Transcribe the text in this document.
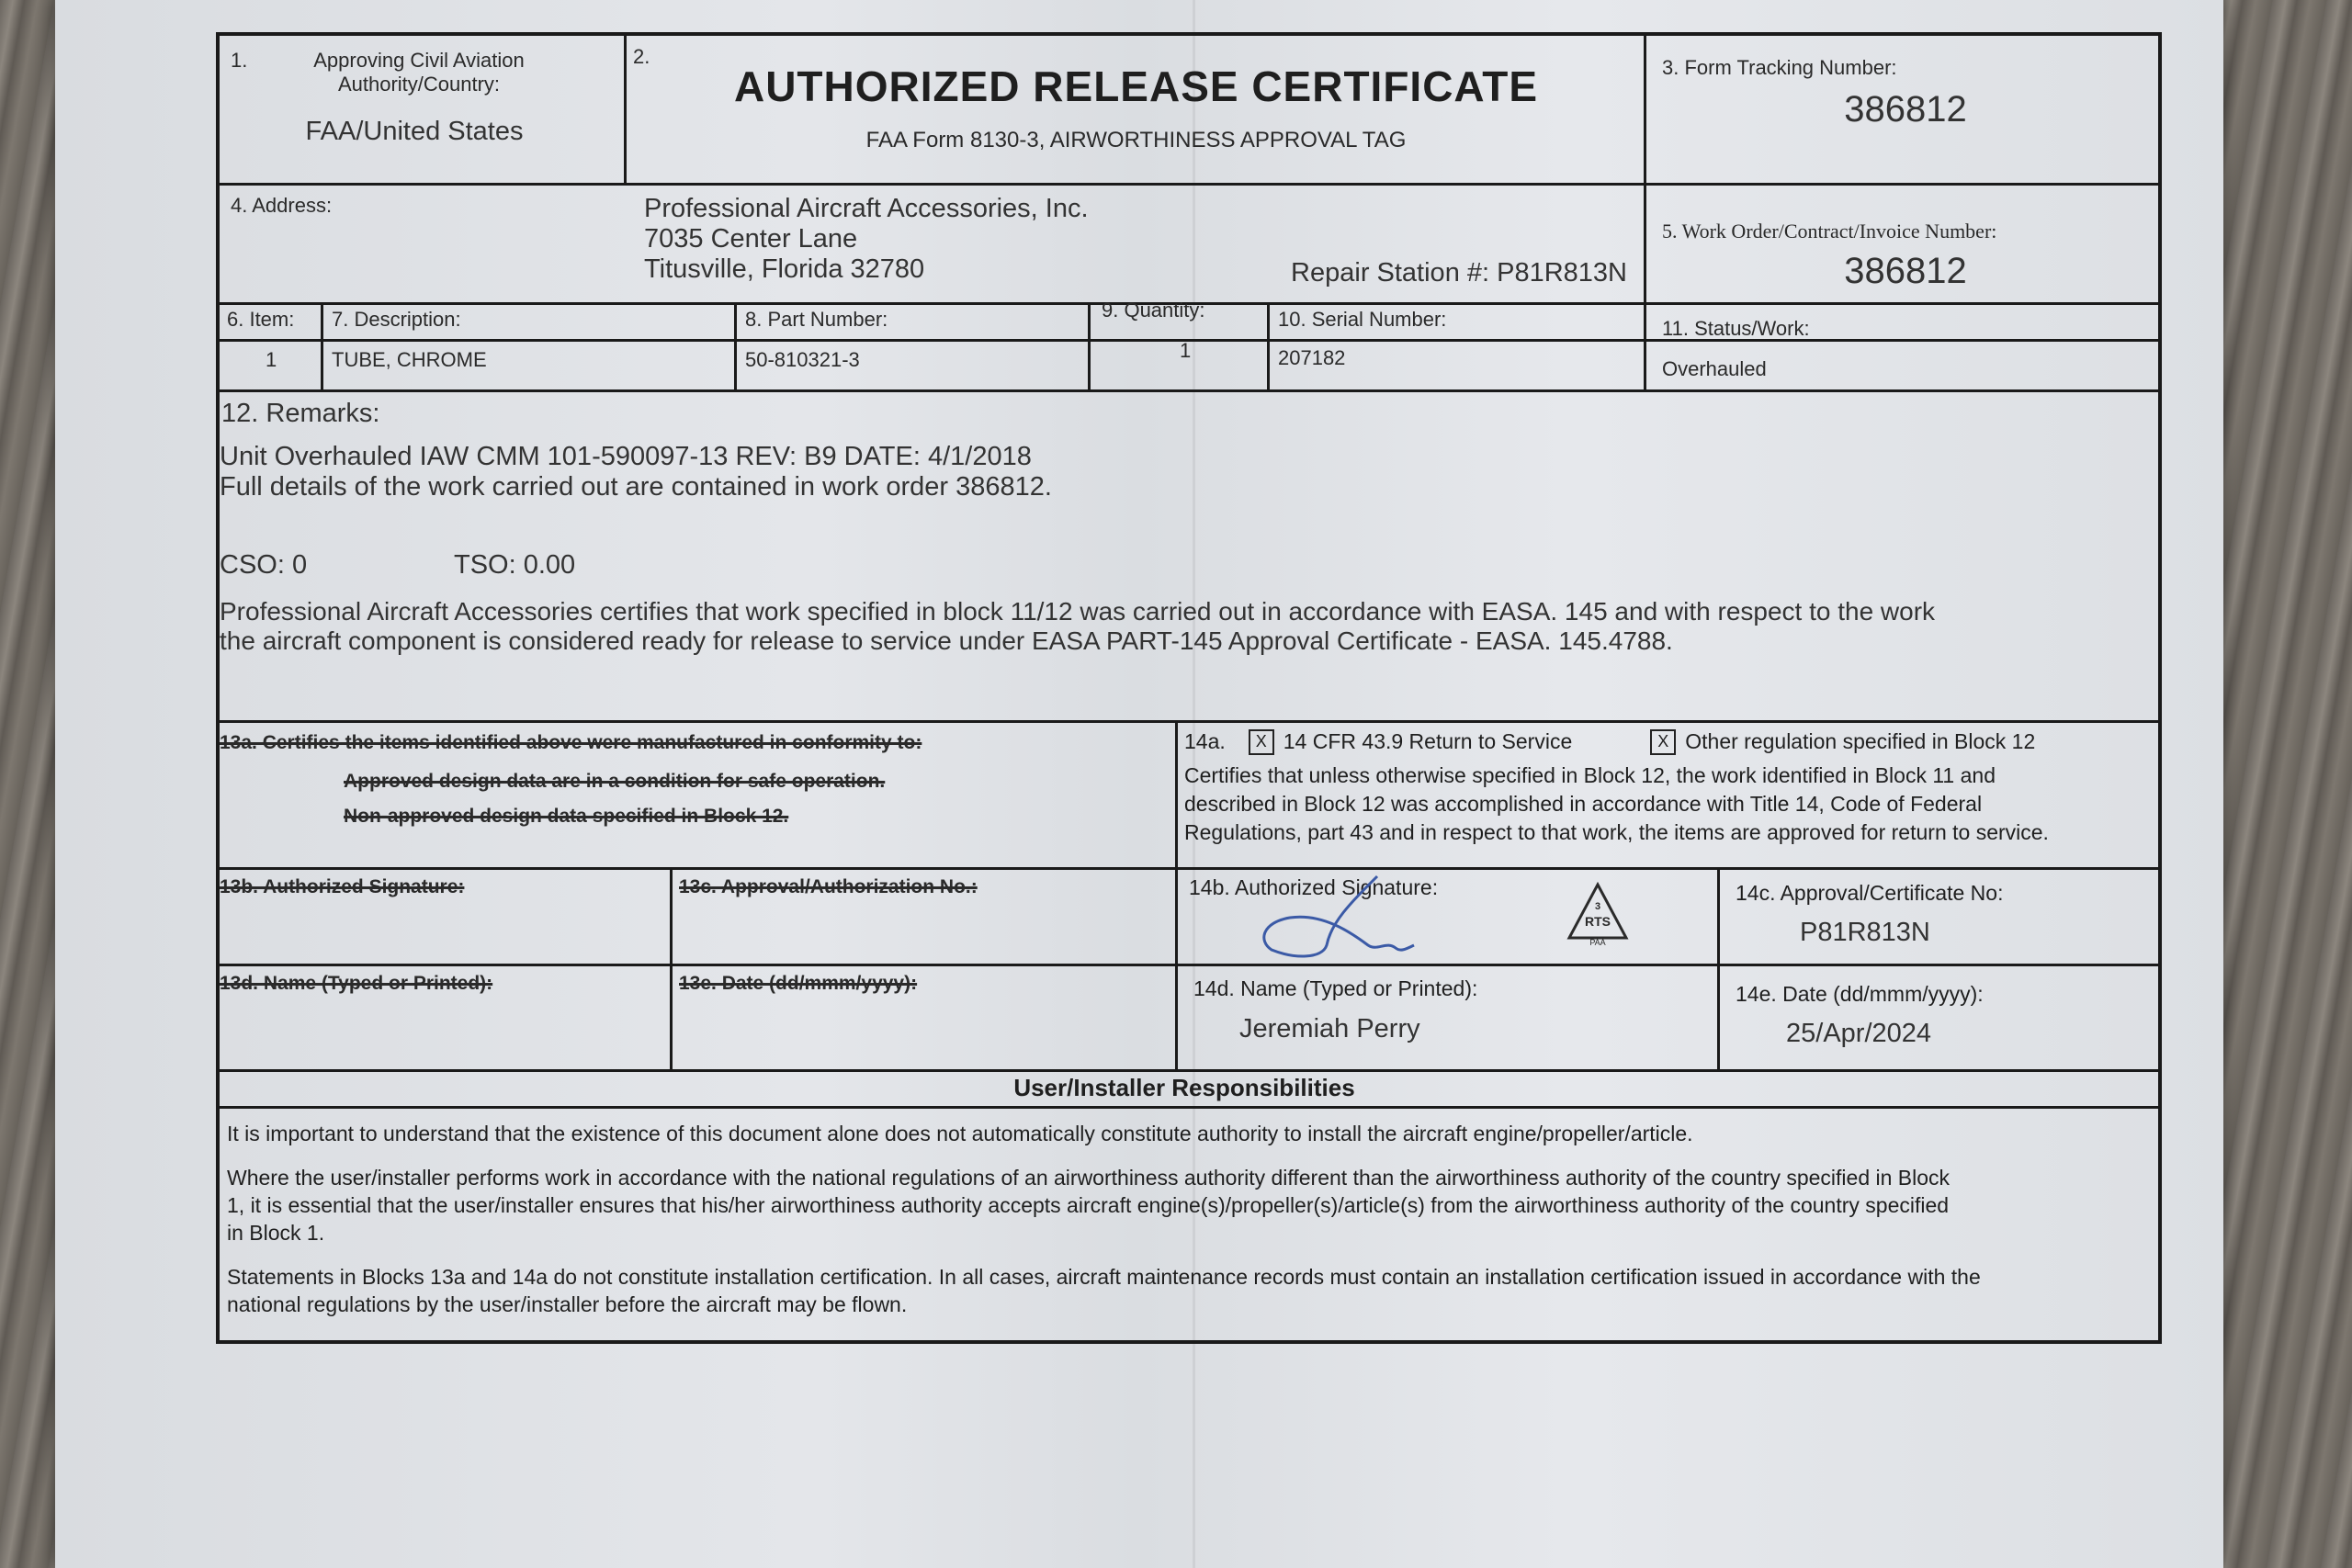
1.	Approving Civil Aviation Authority/Country:
FAA/United States
2.
AUTHORIZED RELEASE CERTIFICATE
FAA Form 8130-3, AIRWORTHINESS APPROVAL TAG
3. Form Tracking Number:
386812
4. Address:	Professional Aircraft Accessories, Inc.
7035 Center Lane
Titusville, Florida 32780	Repair Station #: P81R813N
5. Work Order/Contract/Invoice Number:
386812
6. Item: 7. Description:	8. Part Number:	9. Quantity:	10. Serial Number:	11. Status/Work:
1	TUBE, CHROME	50-810321-3	1	207182	Overhauled
12. Remarks:
Unit Overhauled IAW CMM 101-590097-13 REV: B9 DATE: 4/1/2018
Full details of the work carried out are contained in work order 386812.
CSO: 0	TSO: 0.00
Professional Aircraft Accessories certifies that work specified in block 11/12 was carried out in accordance with EASA. 145 and with respect to the work
the aircraft component is considered ready for release to service under EASA PART-145 Approval Certificate - EASA. 145.4788.
13a. Certifies the items identified above were manufactured in conformity to:
Approved design data are in a condition for safe operation.
Non-approved design data specified in Block 12.
14a.	X 14 CFR 43.9 Return to Service	X Other regulation specified in Block 12
Certifies that unless otherwise specified in Block 12, the work identified in Block 11 and described in Block 12 was accomplished in accordance with Title 14, Code of Federal Regulations, part 43 and in respect to that work, the items are approved for return to service.
13b. Authorized Signature:	13c. Approval/Authorization No.:	14b. Authorized Signature:
3
RTS
PAA
14c. Approval/Certificate No:
P81R813N
13d. Name (Typed or Printed):	13e. Date (dd/mmm/yyyy):	14d. Name (Typed or Printed):
Jeremiah Perry
14e. Date (dd/mmm/yyyy):
25/Apr/2024
User/Installer Responsibilities
It is important to understand that the existence of this document alone does not automatically constitute authority to install the aircraft engine/propeller/article.
Where the user/installer performs work in accordance with the national regulations of an airworthiness authority different than the airworthiness authority of the country specified in Block 1, it is essential that the user/installer ensures that his/her airworthiness authority accepts aircraft engine(s)/propeller(s)/article(s) from the airworthiness authority of the country specified in Block 1.
Statements in Blocks 13a and 14a do not constitute installation certification. In all cases, aircraft maintenance records must contain an installation certification issued in accordance with the national regulations by the user/installer before the aircraft may be flown.
